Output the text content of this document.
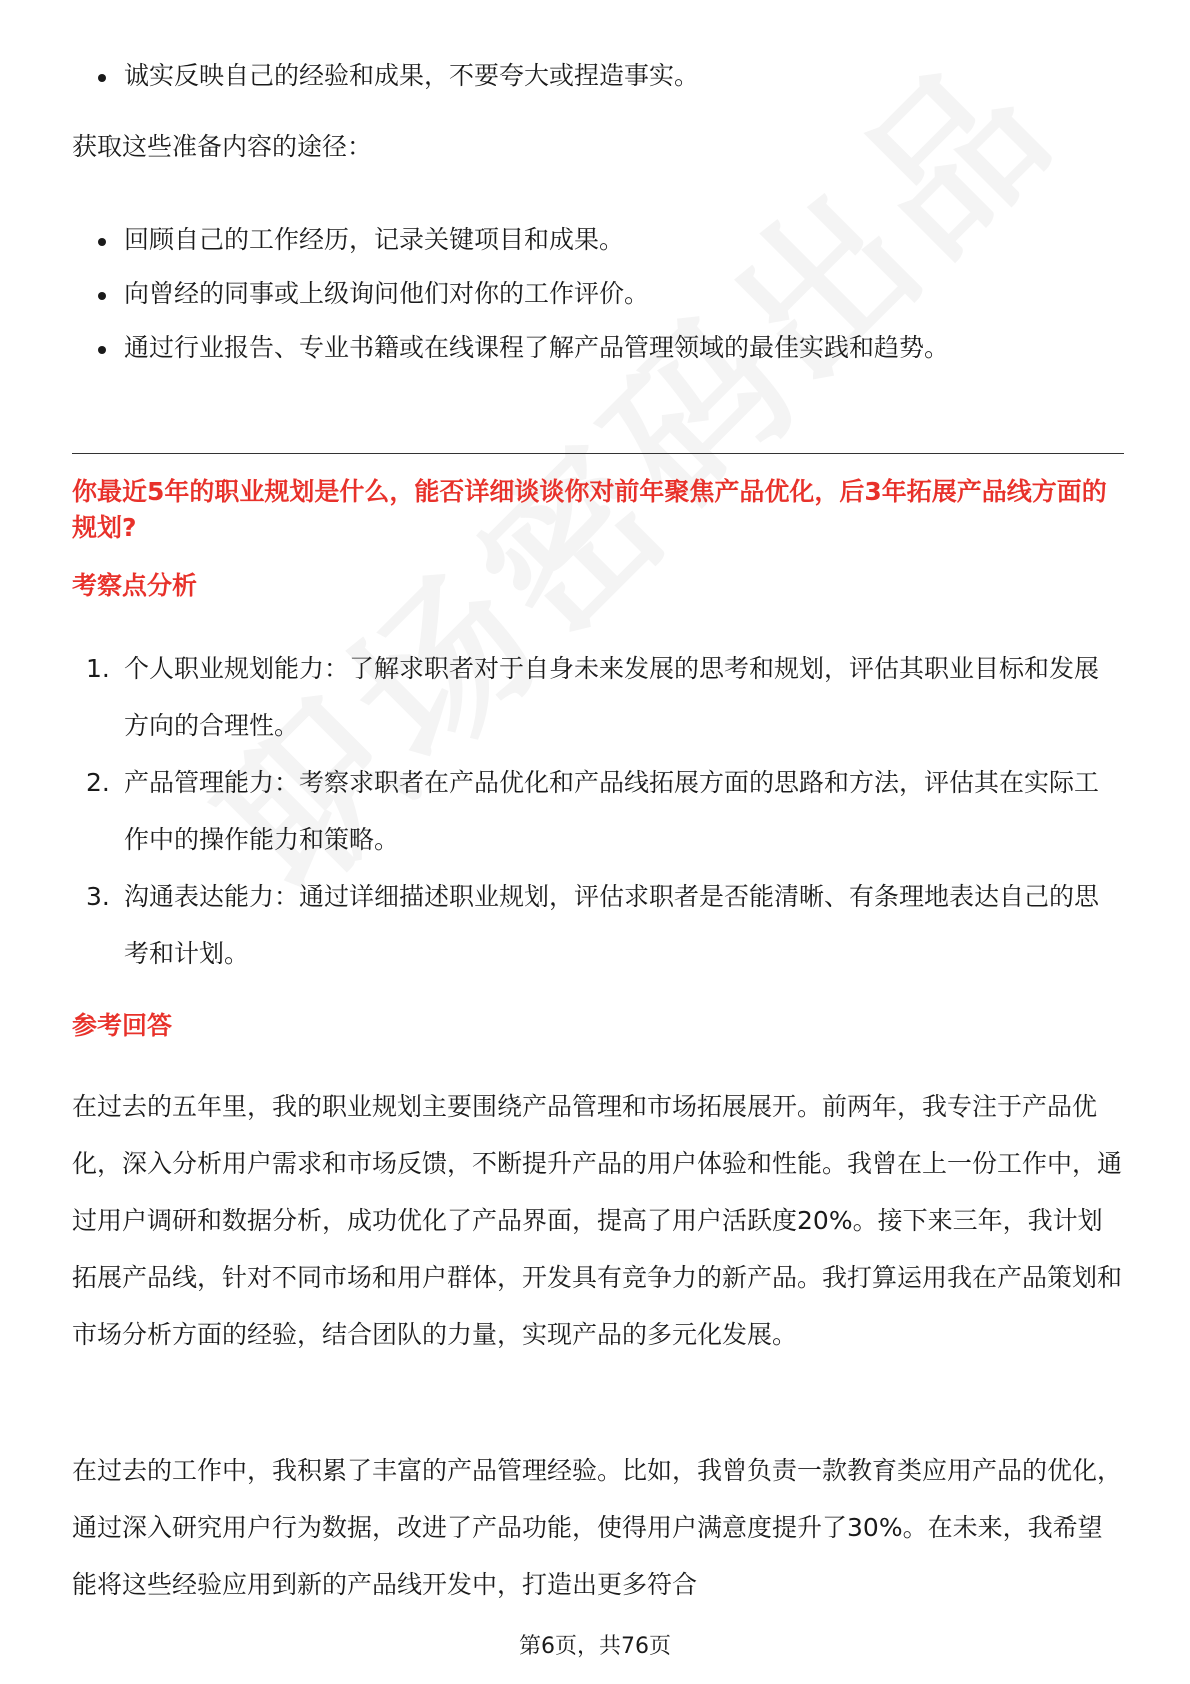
诚实反映自己的经验和成果，不要夸大或捏造事实。

获取这些准备内容的途径：

回顾自己的工作经历，记录关键项目和成果。
向曾经的同事或上级询问他们对你的工作评价。
通过行业报告、专业书籍或在线课程了解产品管理领域的最佳实践和趋势。

你最近5年的职业规划是什么，能否详细谈谈你对前年聚焦产品优化，后3年拓展产品线方面的规划?

考察点分析

1. 个人职业规划能力：了解求职者对于自身未来发展的思考和规划，评估其职业目标和发展方向的合理性。
2. 产品管理能力：考察求职者在产品优化和产品线拓展方面的思路和方法，评估其在实际工作中的操作能力和策略。
3. 沟通表达能力：通过详细描述职业规划，评估求职者是否能清晰、有条理地表达自己的思考和计划。

参考回答

在过去的五年里，我的职业规划主要围绕产品管理和市场拓展展开。前两年，我专注于产品优化，深入分析用户需求和市场反馈，不断提升产品的用户体验和性能。我曾在上一份工作中，通过用户调研和数据分析，成功优化了产品界面，提高了用户活跃度20%。接下来三年，我计划拓展产品线，针对不同市场和用户群体，开发具有竞争力的新产品。我打算运用我在产品策划和市场分析方面的经验，结合团队的力量，实现产品的多元化发展。

在过去的工作中，我积累了丰富的产品管理经验。比如，我曾负责一款教育类应用产品的优化，通过深入研究用户行为数据，改进了产品功能，使得用户满意度提升了30%。在未来，我希望能将这些经验应用到新的产品线开发中，打造出更多符合

第6页，共76页
